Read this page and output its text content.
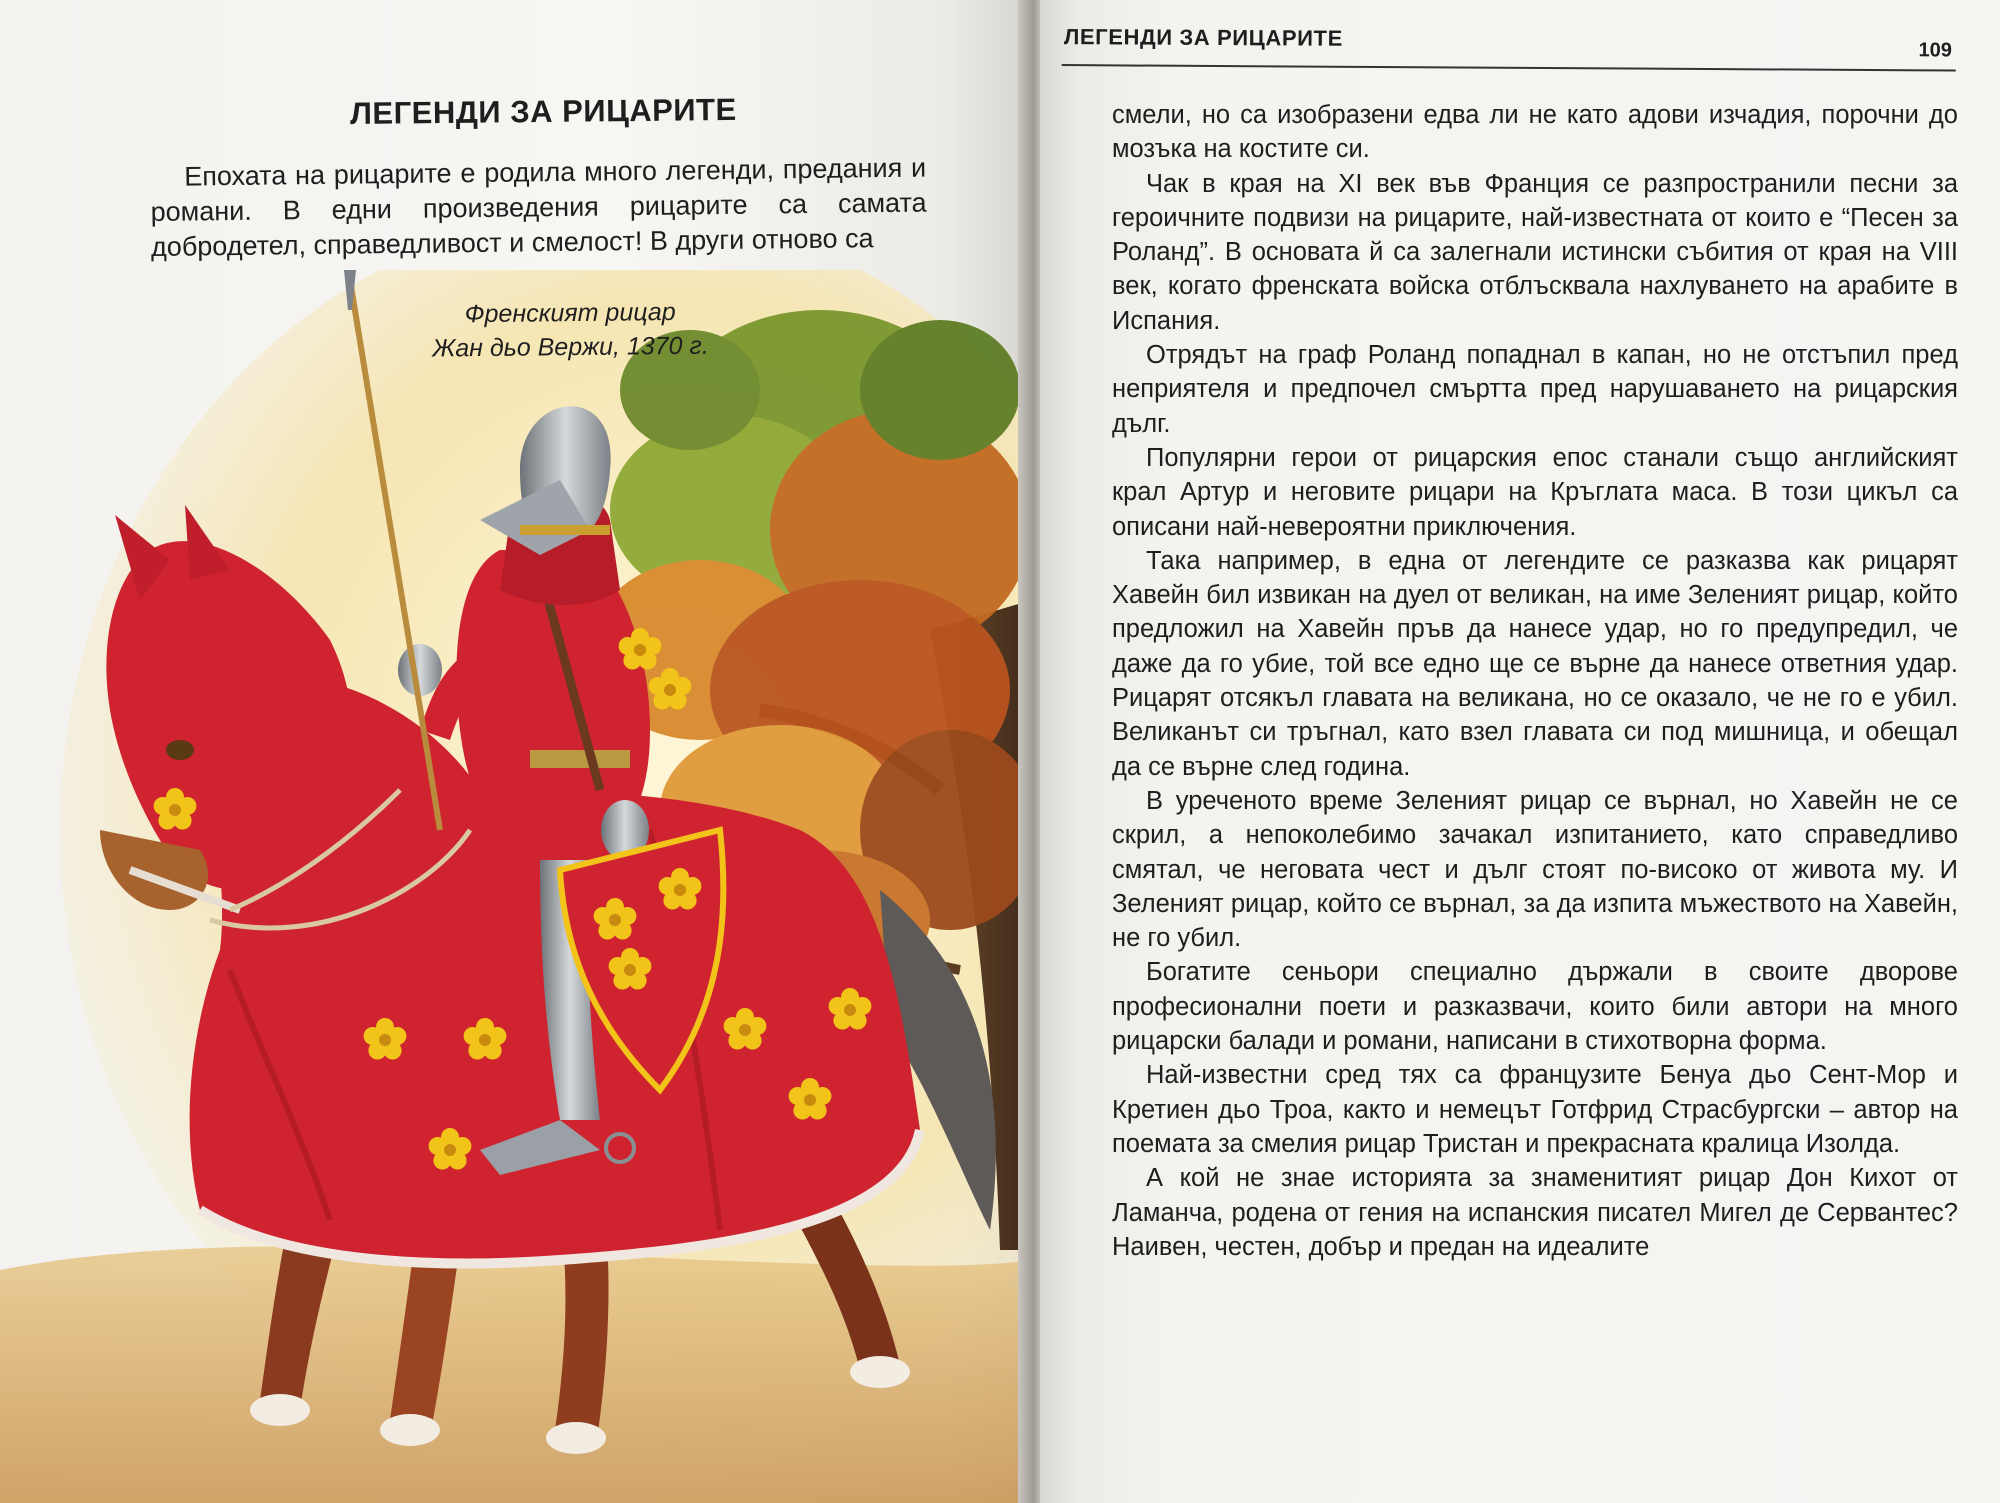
ЛЕГЕНДИ ЗА РИЦАРИТЕ

Епохата на рицарите е родила много легенди, предания и романи. В едни произведения рицарите са самата добродетел, справедливост и смелост! В други отново са

Френският рицар
Жан дьо Вержи, 1370 г.
ЛЕГЕНДИ ЗА РИЦАРИТЕ	109

смели, но са изобразени едва ли не като адови изчадия, порочни до мозъка на костите си.

Чак в края на XI век във Франция се разпространили песни за героичните подвизи на рицарите, най-известната от които е “Песен за Роланд”. В основата й са залегнали истински събития от края на VIII век, когато френската войска отблъсквала нахлуването на арабите в Испания.

Отрядът на граф Роланд попаднал в капан, но не отстъпил пред неприятеля и предпочел смъртта пред нарушаването на рицарския дълг.

Популярни герои от рицарския епос станали също английският крал Артур и неговите рицари на Кръглата маса. В този цикъл са описани най-невероятни приключения.

Така например, в една от легендите се разказва как рицарят Хавейн бил извикан на дуел от великан, на име Зеленият рицар, който предложил на Хавейн пръв да нанесе удар, но го предупредил, че даже да го убие, той все едно ще се върне да нанесе ответния удар. Рицарят отсякъл главата на великана, но се оказало, че не го е убил. Великанът си тръгнал, като взел главата си под мишница, и обещал да се върне след година.

В уреченото време Зеленият рицар се върнал, но Хавейн не се скрил, а непоколебимо зачакал изпитанието, като справедливо смятал, че неговата чест и дълг стоят по-високо от живота му. И Зеленият рицар, който се върнал, за да изпита мъжеството на Хавейн, не го убил.

Богатите сеньори специално държали в своите дворове професионални поети и разказвачи, които били автори на много рицарски балади и романи, написани в стихотворна форма.

Най-известни сред тях са французите Бенуа дьо Сент-Мор и Кретиен дьо Троа, както и немецът Готфрид Страсбургски – автор на поемата за смелия рицар Тристан и прекрасната кралица Изолда.

А кой не знае историята за знаменитият рицар Дон Кихот от Ламанча, родена от гения на испанския писател Мигел де Сервантес? Наивен, честен, добър и предан на идеалите
